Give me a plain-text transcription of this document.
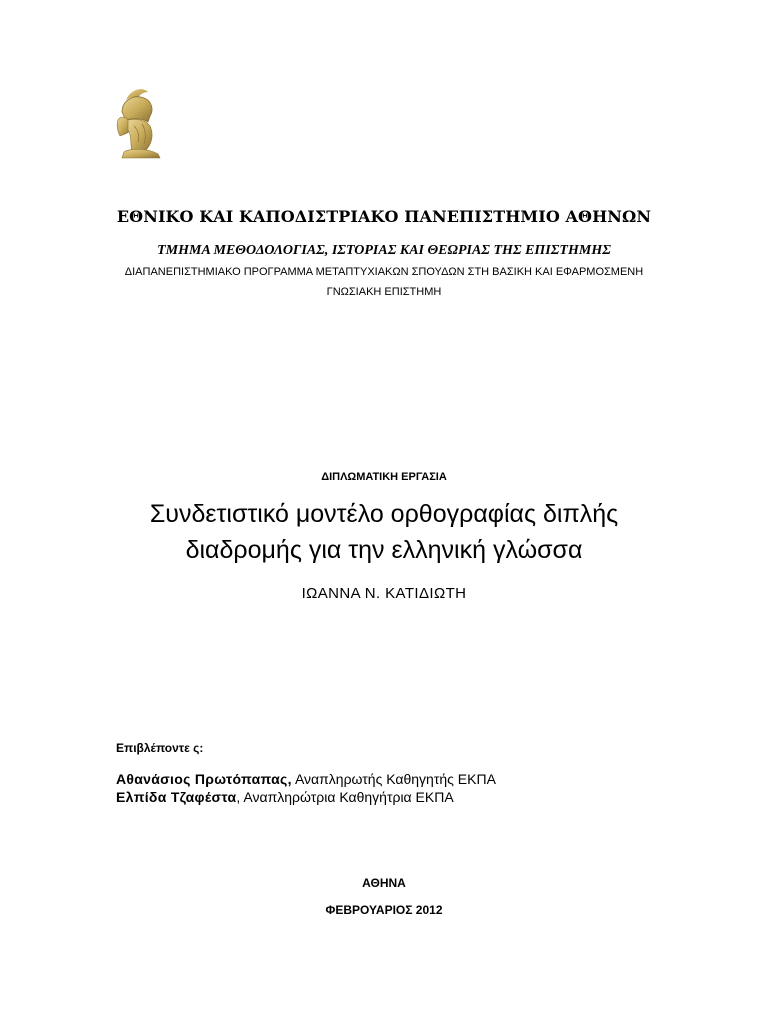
ΕΘΝΙΚΟ ΚΑΙ ΚΑΠΟΔΙΣΤΡΙΑΚΟ ΠΑΝΕΠΙΣΤΗΜΙΟ ΑΘΗΝΩΝ
ΤΜΗΜΑ ΜΕΘΟΔΟΛΟΓΙΑΣ, ΙΣΤΟΡΙΑΣ ΚΑΙ ΘΕΩΡΙΑΣ ΤΗΣ ΕΠΙΣΤΗΜΗΣ
ΔΙΑΠΑΝΕΠΙΣΤΗΜΙΑΚΟ ΠΡΟΓΡΑΜΜΑ ΜΕΤΑΠΤΥΧΙΑΚΩΝ ΣΠΟΥΔΩΝ ΣΤΗ ΒΑΣΙΚΗ ΚΑΙ ΕΦΑΡΜΟΣΜΕΝΗ
ΓΝΩΣΙΑΚΗ ΕΠΙΣΤΗΜΗ
ΔΙΠΛΩΜΑΤΙΚΗ ΕΡΓΑΣΙΑ
Συνδετιστικό μοντέλο ορθογραφίας διπλής
διαδρομής για την ελληνική γλώσσα
ΙΩΑΝΝΑ Ν. ΚΑΤΙΔΙΩΤΗ
Επιβλέποντε ς:
Αθανάσιος Πρωτόπαπας, Αναπληρωτής Καθηγητής ΕΚΠΑ
Ελπίδα Τζαφέστα, Αναπληρώτρια Καθηγήτρια ΕΚΠΑ
ΑΘΗΝΑ
ΦΕΒΡΟΥΑΡΙΟΣ 2012
